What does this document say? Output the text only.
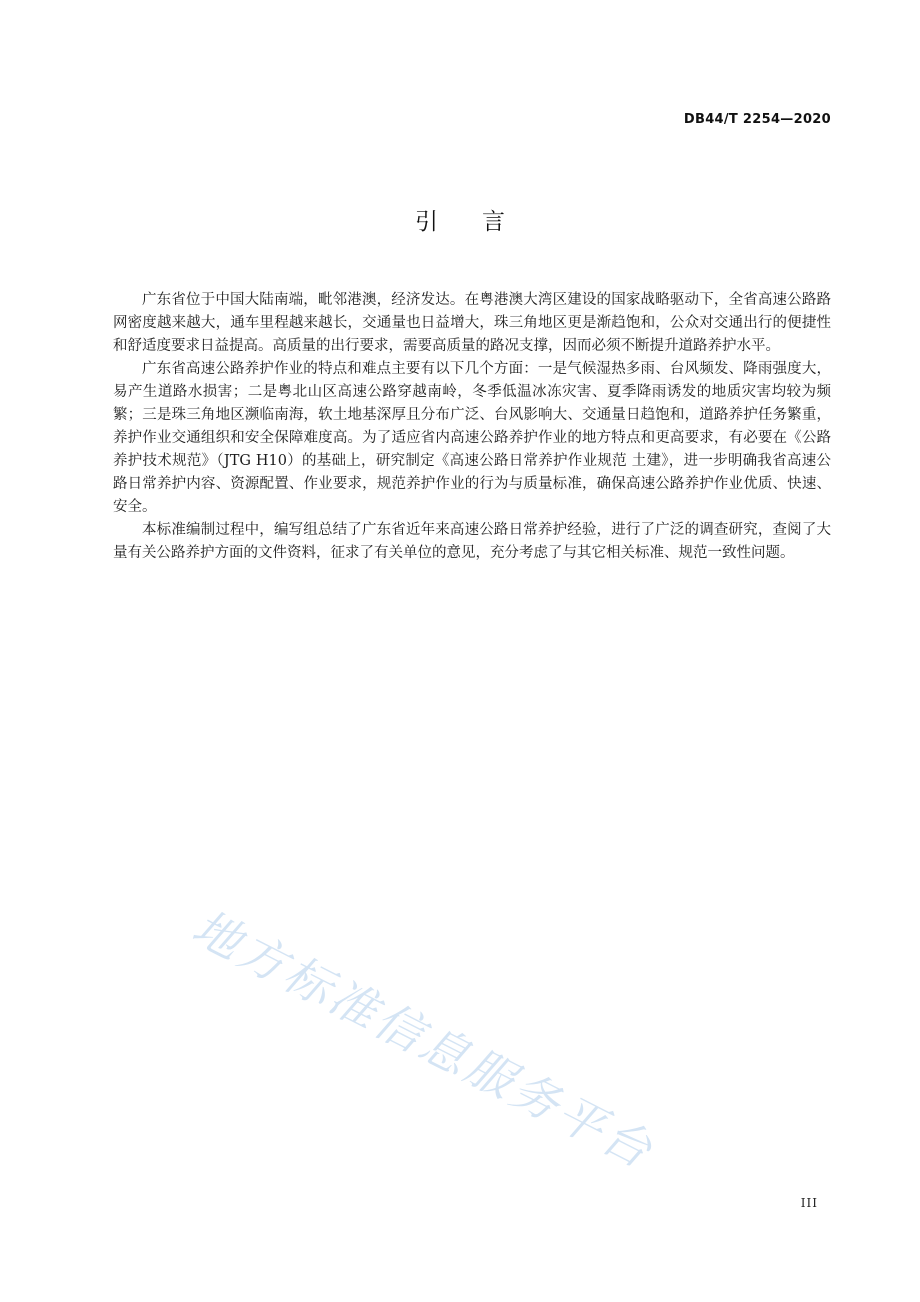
DB44/T 2254—2020
引言

广东省位于中国大陆南端，毗邻港澳，经济发达。在粤港澳大湾区建设的国家战略驱动下，全省高速公路路网密度越来越大，通车里程越来越长，交通量也日益增大，珠三角地区更是渐趋饱和，公众对交通出行的便捷性和舒适度要求日益提高。高质量的出行要求，需要高质量的路况支撑，因而必须不断提升道路养护水平。

广东省高速公路养护作业的特点和难点主要有以下几个方面：一是气候湿热多雨、台风频发、降雨强度大，易产生道路水损害；二是粤北山区高速公路穿越南岭，冬季低温冰冻灾害、夏季降雨诱发的地质灾害均较为频繁；三是珠三角地区濒临南海，软土地基深厚且分布广泛、台风影响大、交通量日趋饱和，道路养护任务繁重，养护作业交通组织和安全保障难度高。为了适应省内高速公路养护作业的地方特点和更高要求，有必要在《公路养护技术规范》（JTG H10）的基础上，研究制定《高速公路日常养护作业规范 土建》，进一步明确我省高速公路日常养护内容、资源配置、作业要求，规范养护作业的行为与质量标准，确保高速公路养护作业优质、快速、安全。

本标准编制过程中，编写组总结了广东省近年来高速公路日常养护经验，进行了广泛的调查研究，查阅了大量有关公路养护方面的文件资料，征求了有关单位的意见，充分考虑了与其它相关标准、规范一致性问题。

地方标准信息服务平台
III
